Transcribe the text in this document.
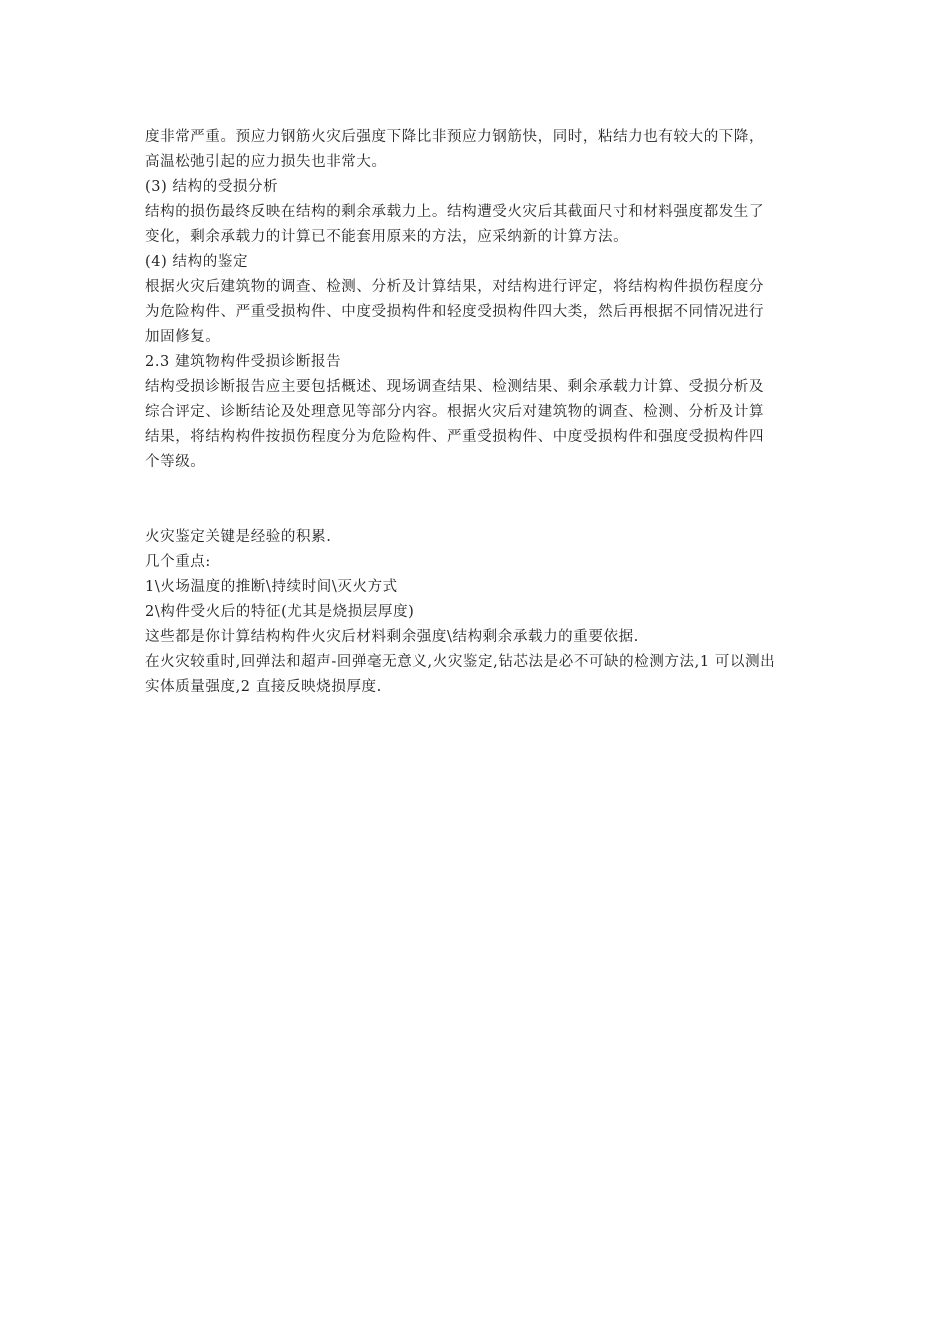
度非常严重。预应力钢筋火灾后强度下降比非预应力钢筋快，同时，粘结力也有较大的下降，
高温松弛引起的应力损失也非常大。
(3) 结构的受损分析
结构的损伤最终反映在结构的剩余承载力上。结构遭受火灾后其截面尺寸和材料强度都发生了
变化，剩余承载力的计算已不能套用原来的方法，应采纳新的计算方法。
(4) 结构的鉴定
根据火灾后建筑物的调查、检测、分析及计算结果，对结构进行评定，将结构构件损伤程度分
为危险构件、严重受损构件、中度受损构件和轻度受损构件四大类，然后再根据不同情况进行
加固修复。
2.3 建筑物构件受损诊断报告
结构受损诊断报告应主要包括概述、现场调查结果、检测结果、剩余承载力计算、受损分析及
综合评定、诊断结论及处理意见等部分内容。根据火灾后对建筑物的调查、检测、分析及计算
结果，将结构构件按损伤程度分为危险构件、严重受损构件、中度受损构件和强度受损构件四
个等级。
火灾鉴定关键是经验的积累.
几个重点:
1\火场温度的推断\持续时间\灭火方式
2\构件受火后的特征(尤其是烧损层厚度)
这些都是你计算结构构件火灾后材料剩余强度\结构剩余承载力的重要依据.
在火灾较重时,回弹法和超声-回弹毫无意义,火灾鉴定,钻芯法是必不可缺的检测方法,1 可以测出
实体质量强度,2 直接反映烧损厚度.
